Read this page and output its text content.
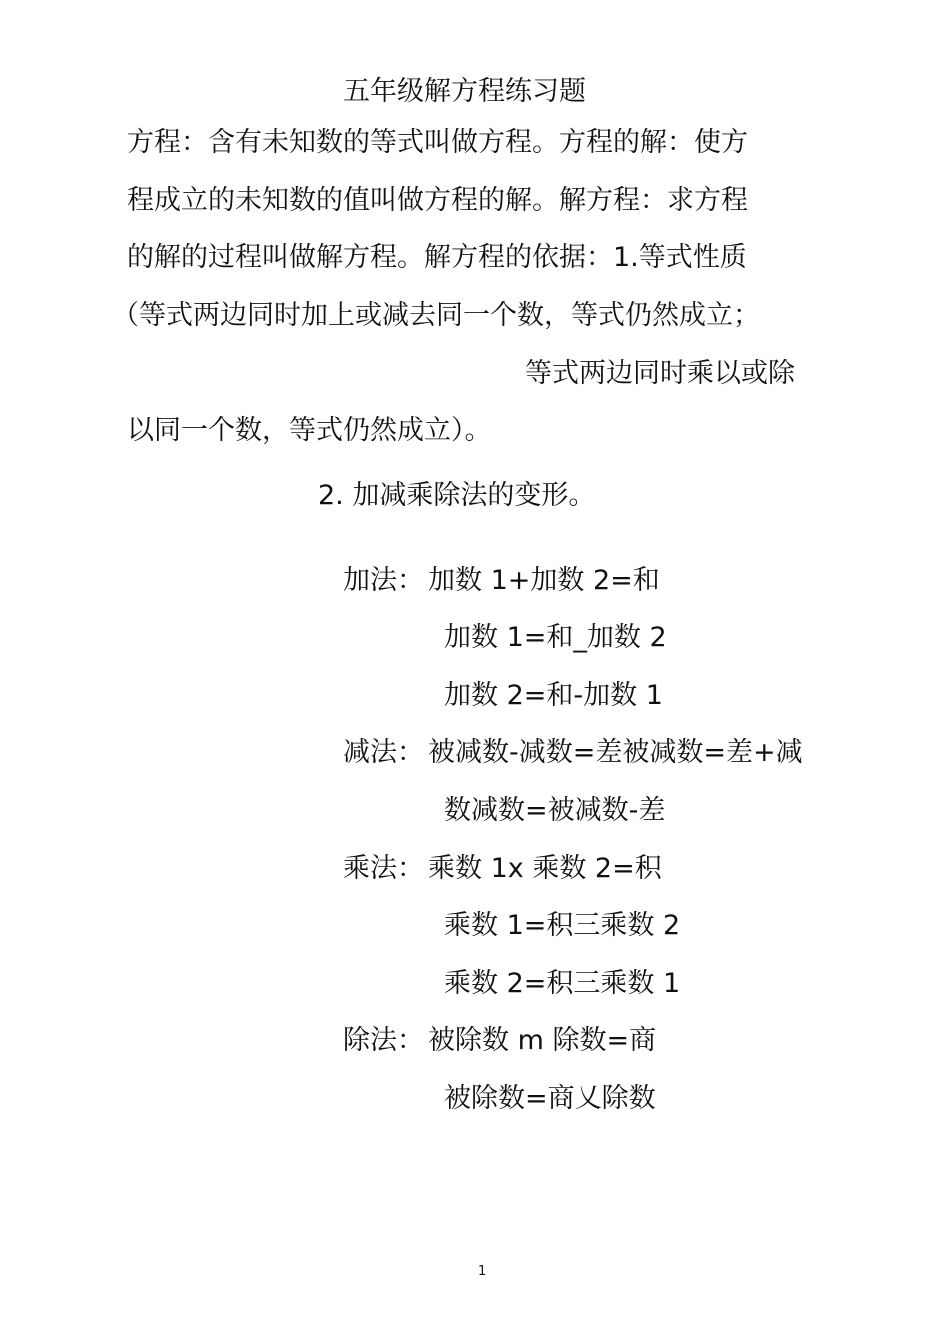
五年级解方程练习题
方程：含有未知数的等式叫做方程。方程的解：使方
程成立的未知数的值叫做方程的解。解方程：求方程
的解的过程叫做解方程。解方程的依据：1.等式性质
（等式两边同时加上或减去同一个数，等式仍然成立；
等式两边同时乘以或除
以同一个数，等式仍然成立）。
2. 加减乘除法的变形。
加法： 加数 1+加数 2=和
加数 1=和_加数 2
加数 2=和-加数 1
减法： 被减数-减数=差被减数=差+减
数减数=被减数-差
乘法： 乘数 1x 乘数 2=积
乘数 1=积三乘数 2
乘数 2=积三乘数 1
除法： 被除数 m 除数=商
被除数=商乂除数
1
